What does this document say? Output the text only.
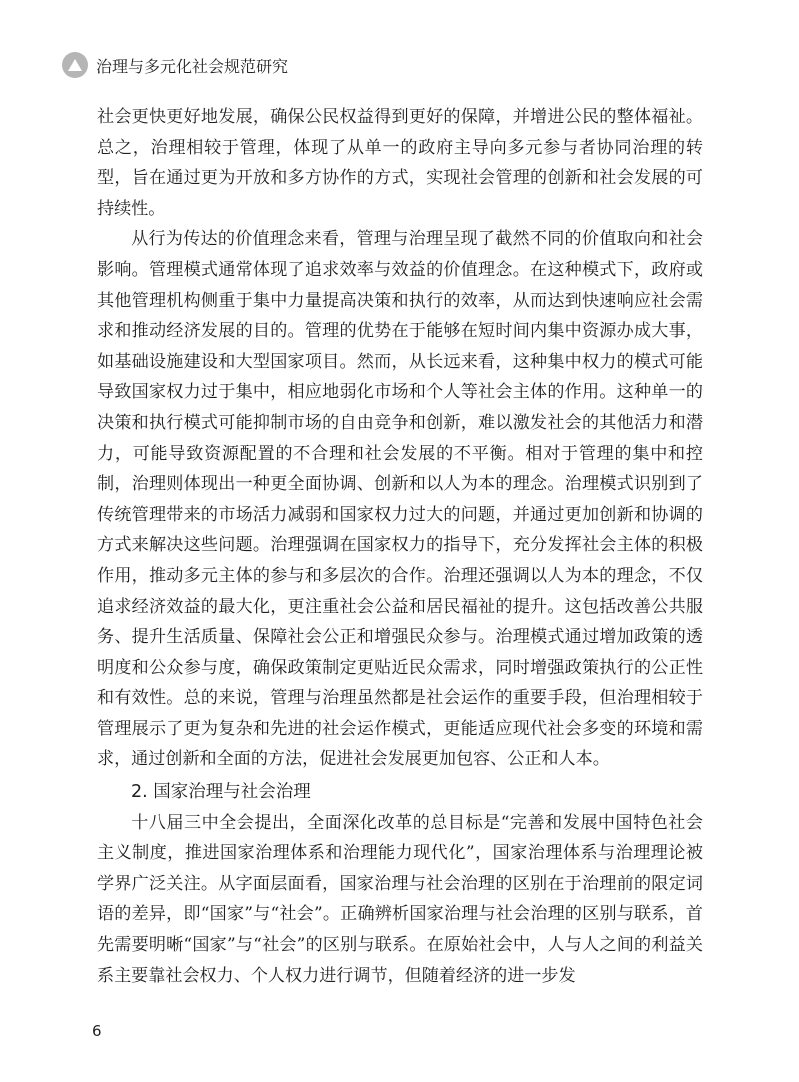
治理与多元化社会规范研究

社会更快更好地发展，确保公民权益得到更好的保障，并增进公民的整体福祉。总之，治理相较于管理，体现了从单一的政府主导向多元参与者协同治理的转型，旨在通过更为开放和多方协作的方式，实现社会管理的创新和社会发展的可持续性。

从行为传达的价值理念来看，管理与治理呈现了截然不同的价值取向和社会影响。管理模式通常体现了追求效率与效益的价值理念。在这种模式下，政府或其他管理机构侧重于集中力量提高决策和执行的效率，从而达到快速响应社会需求和推动经济发展的目的。管理的优势在于能够在短时间内集中资源办成大事，如基础设施建设和大型国家项目。然而，从长远来看，这种集中权力的模式可能导致国家权力过于集中，相应地弱化市场和个人等社会主体的作用。这种单一的决策和执行模式可能抑制市场的自由竞争和创新，难以激发社会的其他活力和潜力，可能导致资源配置的不合理和社会发展的不平衡。相对于管理的集中和控制，治理则体现出一种更全面协调、创新和以人为本的理念。治理模式识别到了传统管理带来的市场活力减弱和国家权力过大的问题，并通过更加创新和协调的方式来解决这些问题。治理强调在国家权力的指导下，充分发挥社会主体的积极作用，推动多元主体的参与和多层次的合作。治理还强调以人为本的理念，不仅追求经济效益的最大化，更注重社会公益和居民福祉的提升。这包括改善公共服务、提升生活质量、保障社会公正和增强民众参与。治理模式通过增加政策的透明度和公众参与度，确保政策制定更贴近民众需求，同时增强政策执行的公正性和有效性。总的来说，管理与治理虽然都是社会运作的重要手段，但治理相较于管理展示了更为复杂和先进的社会运作模式，更能适应现代社会多变的环境和需求，通过创新和全面的方法，促进社会发展更加包容、公正和人本。

2. 国家治理与社会治理

十八届三中全会提出，全面深化改革的总目标是“完善和发展中国特色社会主义制度，推进国家治理体系和治理能力现代化”，国家治理体系与治理理论被学界广泛关注。从字面层面看，国家治理与社会治理的区别在于治理前的限定词语的差异，即“国家”与“社会”。正确辨析国家治理与社会治理的区别与联系，首先需要明晰“国家”与“社会”的区别与联系。在原始社会中，人与人之间的利益关系主要靠社会权力、个人权力进行调节，但随着经济的进一步发

6
